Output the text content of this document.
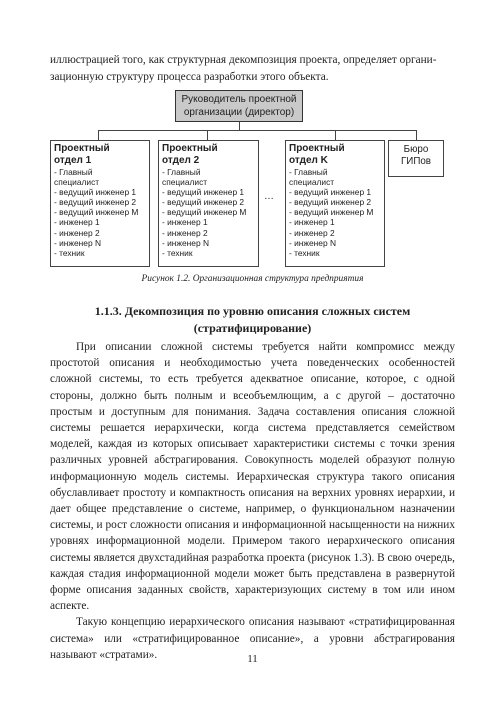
иллюстрацией того, как структурная декомпозиция проекта, определяет органи-

зационную структуру процесса разработки этого объекта.

Руководитель проектной
организации (директор)
Проектный
отдел 1
- Главный
специалист
- ведущий инженер 1
- ведущий инженер 2
- ведущий инженер M
- инженер 1
- инженер 2
- инженер N
- техник
Проектный
отдел 2
- Главный
специалист
- ведущий инженер 1
- ведущий инженер 2
- ведущий инженер M
- инженер 1
- инженер 2
- инженер N
- техник
…
Проектный
отдел K
- Главный
специалист
- ведущий инженер 1
- ведущий инженер 2
- ведущий инженер M
- инженер 1
- инженер 2
- инженер N
- техник
Бюро
ГИПов
Рисунок 1.2. Организационная структура предприятия
1.1.3. Декомпозиция по уровню описания сложных систем
(стратифицирование)

При описании сложной системы требуется найти компромисс между простотой описания и необходимостью учета поведенческих особенностей сложной системы, то есть требуется адекватное описание, которое, с одной стороны, должно быть полным и всеобъемлющим, а с другой – достаточно простым и доступным для понимания. Задача составления описания сложной системы решается иерархически, когда система представляется семейством моделей, каждая из которых описывает характеристики системы с точки зрения различных уровней абстрагирования. Совокупность моделей образуют полную информационную модель системы. Иерархическая структура такого описания обуславливает простоту и компактность описания на верхних уровнях иерархии, и дает общее представление о системе, например, о функциональном назначении системы, и рост сложности описания и информационной насыщенности на нижних уровнях информационной модели. Примером такого иерархического описания системы является двухстадийная разработка проекта (рисунок 1.3). В свою очередь, каждая стадия информационной модели может быть представлена в развернутой форме описания заданных свойств, характеризующих систему в том или ином аспекте.

Такую концепцию иерархического описания называют «стратифицированная система» или «стратифицированное описание», а уровни абстрагирования называют «стратами».	11
